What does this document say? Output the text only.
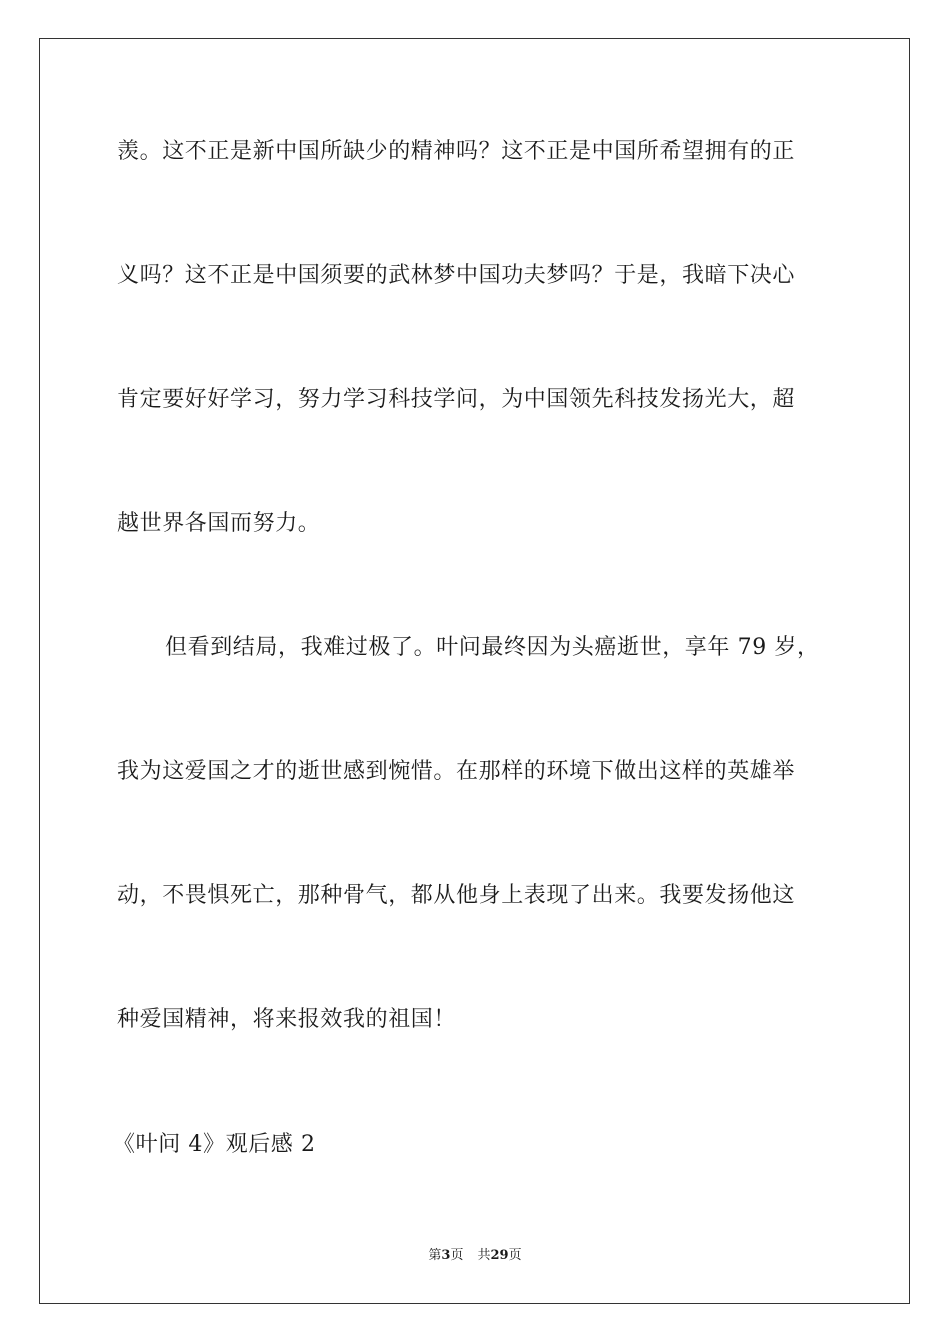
羡。这不正是新中国所缺少的精神吗？这不正是中国所希望拥有的正
义吗？这不正是中国须要的武林梦中国功夫梦吗？于是，我暗下决心
肯定要好好学习，努力学习科技学问，为中国领先科技发扬光大，超
越世界各国而努力。
但看到结局，我难过极了。叶问最终因为头癌逝世，享年 79 岁，
我为这爱国之才的逝世感到惋惜。在那样的环境下做出这样的英雄举
动，不畏惧死亡，那种骨气，都从他身上表现了出来。我要发扬他这
种爱国精神，将来报效我的祖国！
《叶问 4》观后感 2
第3页 共29页
